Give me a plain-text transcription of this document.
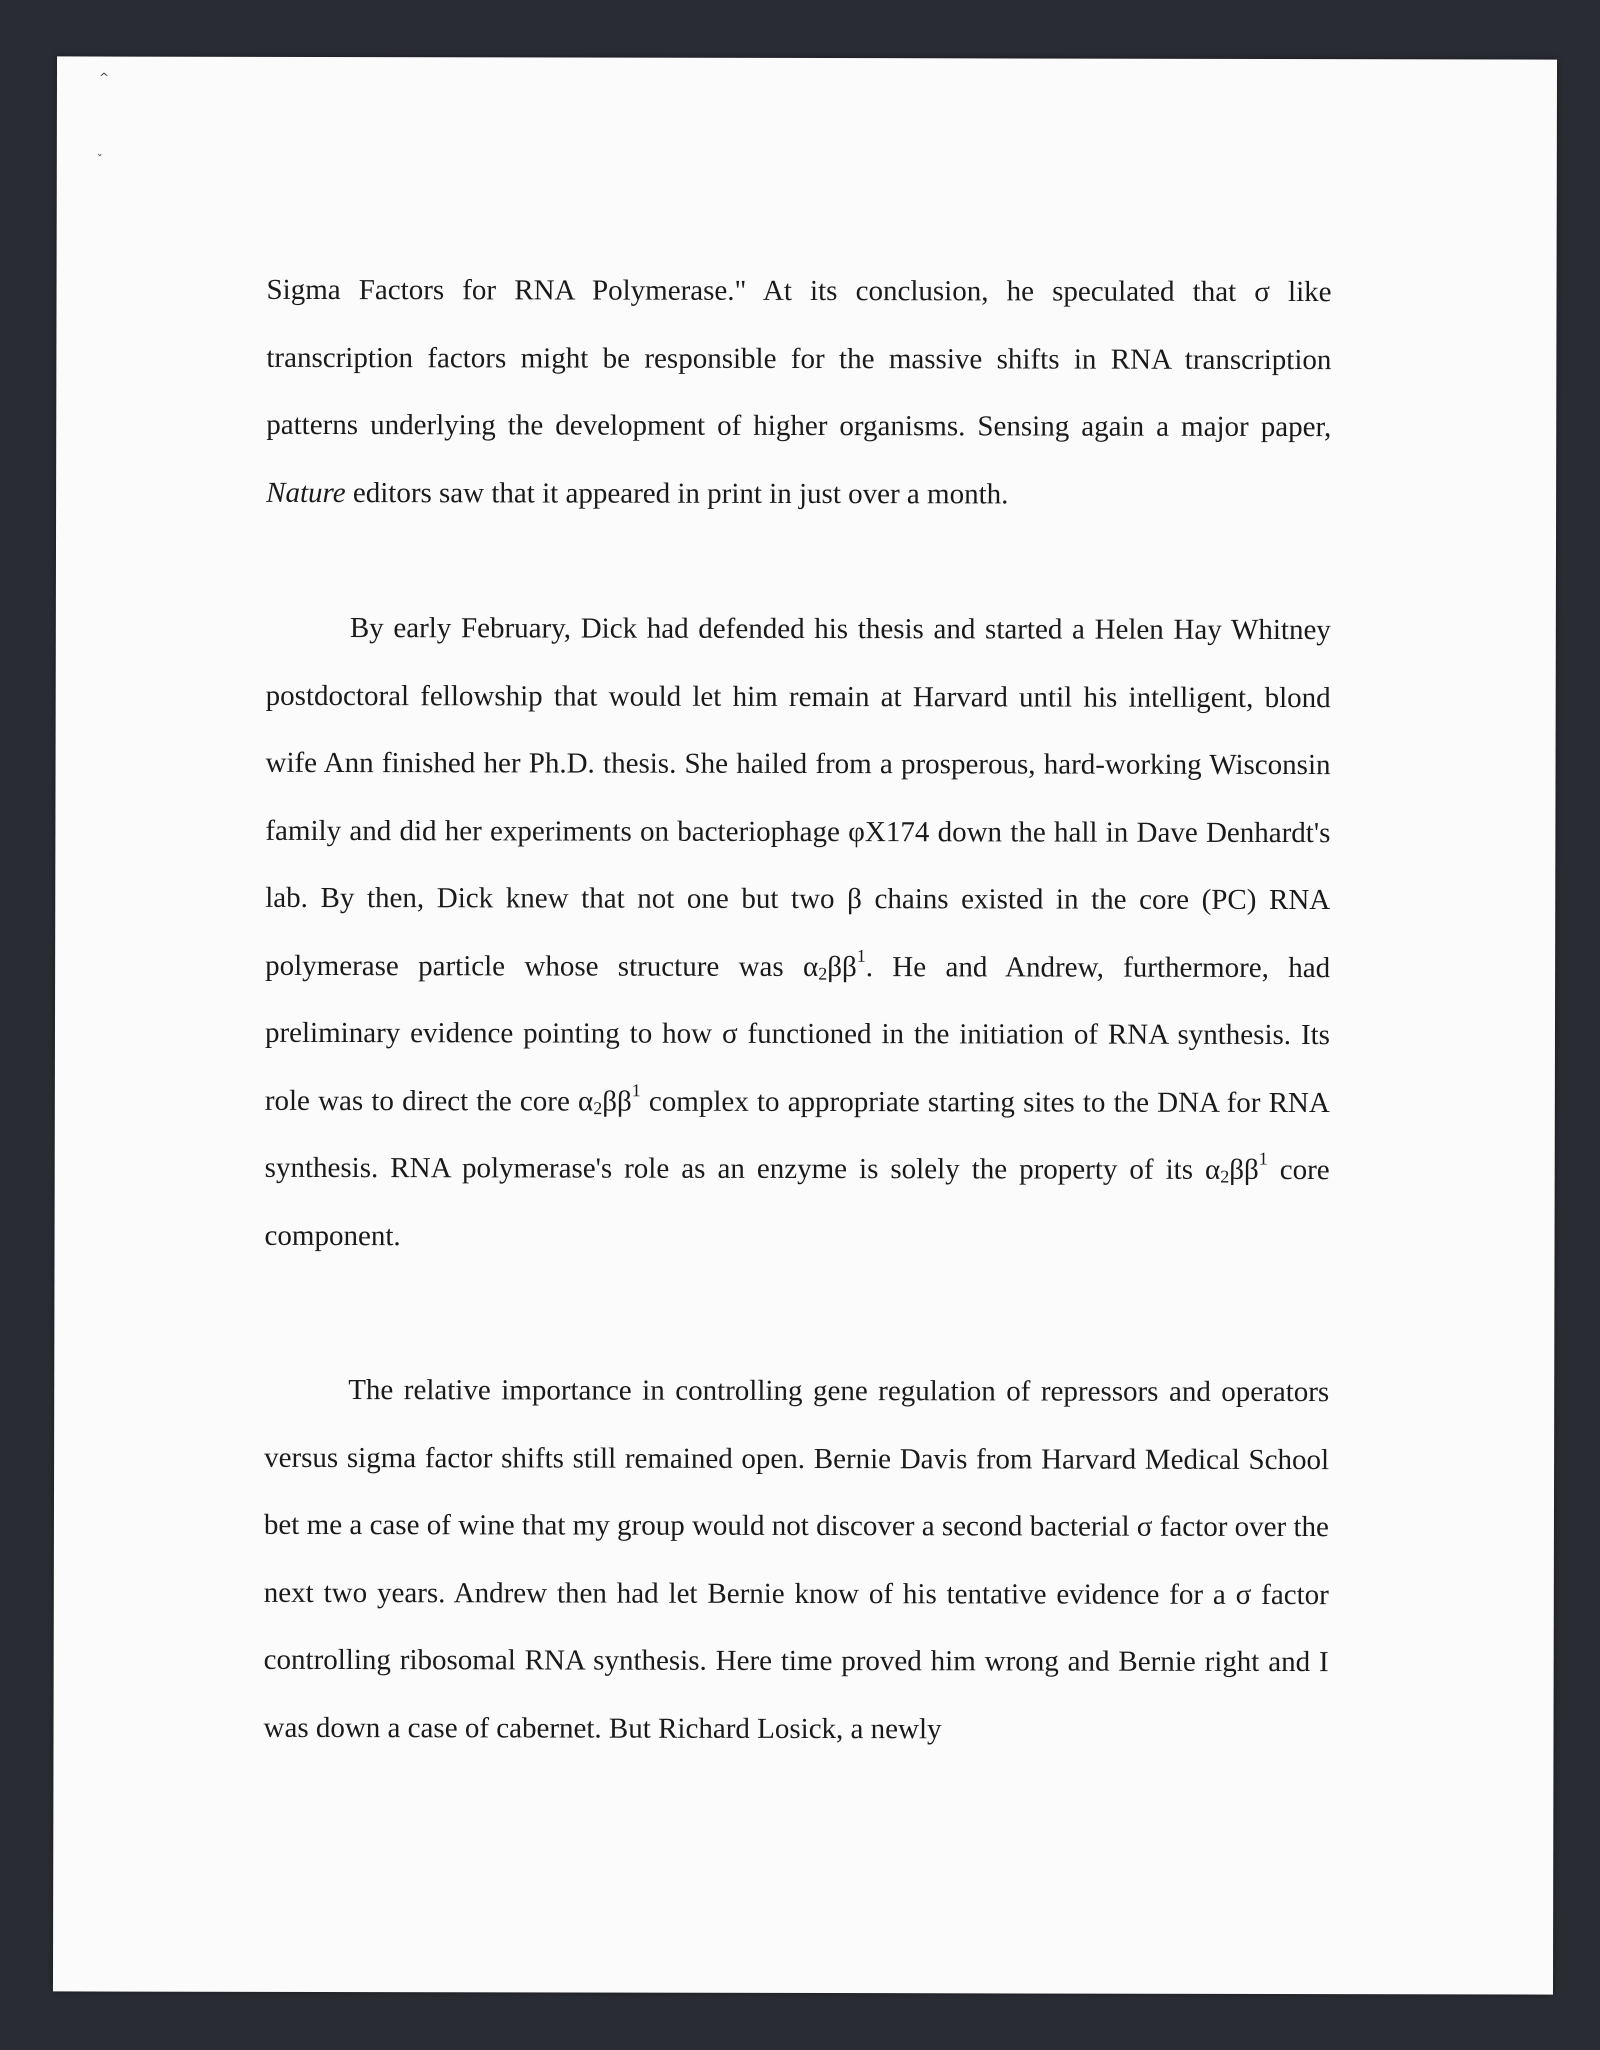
^
ˇ

Sigma Factors for RNA Polymerase." At its conclusion, he speculated that σ like transcription factors might be responsible for the massive shifts in RNA transcription patterns underlying the development of higher organisms. Sensing again a major paper, Nature editors saw that it appeared in print in just over a month.

By early February, Dick had defended his thesis and started a Helen Hay Whitney postdoctoral fellowship that would let him remain at Harvard until his intelligent, blond wife Ann finished her Ph.D. thesis. She hailed from a prosperous, hard-working Wisconsin family and did her experiments on bacteriophage φX174 down the hall in Dave Denhardt's lab. By then, Dick knew that not one but two β chains existed in the core (PC) RNA polymerase particle whose structure was $\alpha_2\beta\beta^1$. He and Andrew, furthermore, had preliminary evidence pointing to how σ functioned in the initiation of RNA synthesis. Its role was to direct the core $\alpha_2\beta\beta^1$ complex to appropriate starting sites to the DNA for RNA synthesis. RNA polymerase's role as an enzyme is solely the property of its $\alpha_2\beta\beta^1$ core component.

The relative importance in controlling gene regulation of repressors and operators versus sigma factor shifts still remained open. Bernie Davis from Harvard Medical School bet me a case of wine that my group would not discover a second bacterial σ factor over the next two years. Andrew then had let Bernie know of his tentative evidence for a σ factor controlling ribosomal RNA synthesis. Here time proved him wrong and Bernie right and I was down a case of cabernet. But Richard Losick, a newly
